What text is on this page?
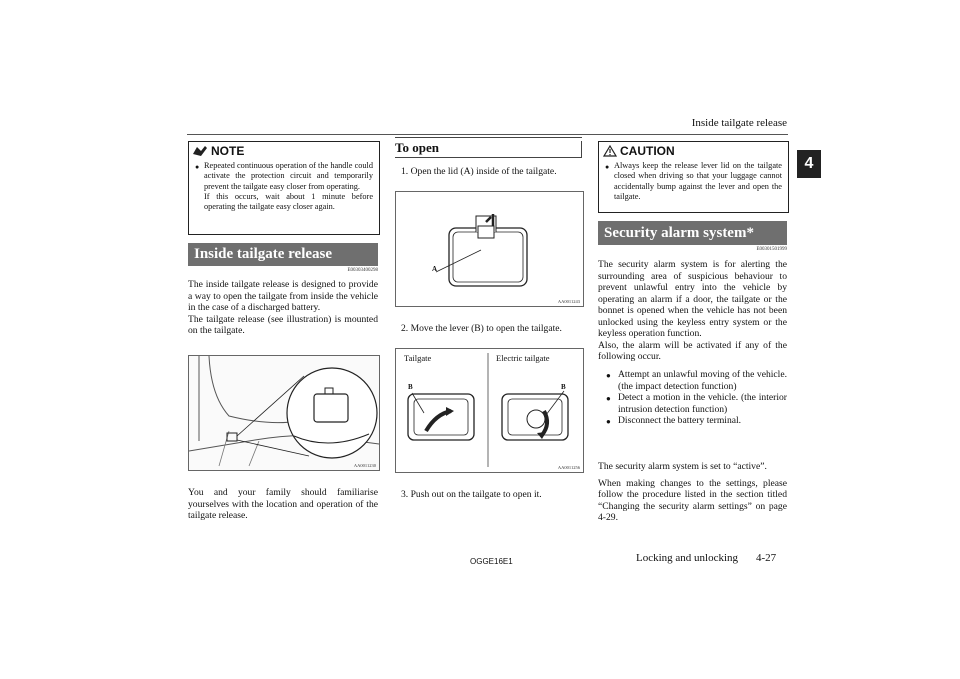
Inside tailgate release
4
NOTE
● Repeated continuous operation of the handle could activate the protection circuit and temporarily prevent the tailgate easy closer from operating.
If this occurs, wait about 1 minute before operating the tailgate easy closer again.
Inside tailgate release
E00303400298
The inside tailgate release is designed to provide a way to open the tailgate from inside the vehicle in the case of a discharged battery.
The tailgate release (see illustration) is mounted on the tailgate.
AA0011230
You and your family should familiarise yourselves with the location and operation of the tailgate release.
To open
1. Open the lid (A) inside of the tailgate.
A
AA0011243
2. Move the lever (B) to open the tailgate.
Tailgate	Electric tailgate
B	B
AA0011256
3. Push out on the tailgate to open it.
CAUTION
● Always keep the release lever lid on the tailgate closed when driving so that your luggage cannot accidentally bump against the lever and open the tailgate.
Security alarm system*
E00301501999
The security alarm system is for alerting the surrounding area of suspicious behaviour to prevent unlawful entry into the vehicle by operating an alarm if a door, the tailgate or the bonnet is opened when the vehicle has not been unlocked using the keyless entry system or the keyless operation function.
Also, the alarm will be activated if any of the following occur.
● Attempt an unlawful moving of the vehicle. (the impact detection function)
● Detect a motion in the vehicle. (the interior intrusion detection function)
● Disconnect the battery terminal.
The security alarm system is set to “active”.
When making changes to the settings, please follow the procedure listed in the section titled “Changing the security alarm settings” on page 4-29.
OGGE16E1	Locking and unlocking 4-27
